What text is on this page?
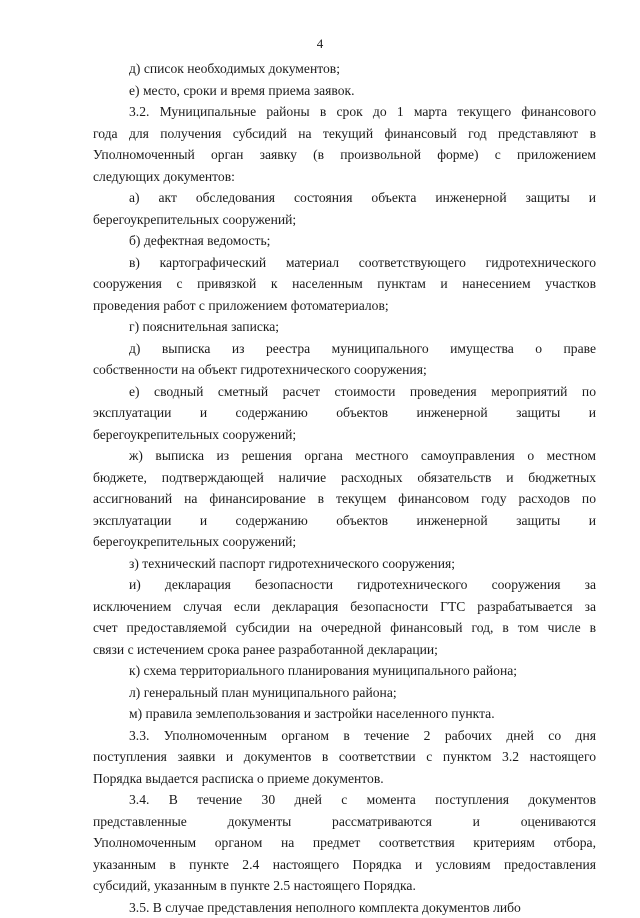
4
д) список необходимых документов;
е) место, сроки и время приема заявок.
3.2. Муниципальные районы в срок до 1 марта текущего финансового
года для получения субсидий на текущий финансовый год представляют в
Уполномоченный орган заявку (в произвольной форме) с приложением
следующих документов:
а) акт обследования состояния объекта инженерной защиты и
берегоукрепительных сооружений;
б) дефектная ведомость;
в) картографический материал соответствующего гидротехнического
сооружения с привязкой к населенным пунктам и нанесением участков
проведения работ с приложением фотоматериалов;
г) пояснительная записка;
д) выписка из реестра муниципального имущества о праве
собственности на объект гидротехнического сооружения;
е) сводный сметный расчет стоимости проведения мероприятий по
эксплуатации и содержанию объектов инженерной защиты и
берегоукрепительных сооружений;
ж) выписка из решения органа местного самоуправления о местном
бюджете, подтверждающей наличие расходных обязательств и бюджетных
ассигнований на финансирование в текущем финансовом году расходов по
эксплуатации и содержанию объектов инженерной защиты и
берегоукрепительных сооружений;
з) технический паспорт гидротехнического сооружения;
и) декларация безопасности гидротехнического сооружения за
исключением случая если декларация безопасности ГТС разрабатывается за
счет предоставляемой субсидии на очередной финансовый год, в том числе в
связи с истечением срока ранее разработанной декларации;
к) схема территориального планирования муниципального района;
л) генеральный план муниципального района;
м) правила землепользования и застройки населенного пункта.
3.3. Уполномоченным органом в течение 2 рабочих дней со дня
поступления заявки и документов в соответствии с пунктом 3.2 настоящего
Порядка выдается расписка о приеме документов.
3.4. В течение 30 дней с момента поступления документов
представленные документы рассматриваются и оцениваются
Уполномоченным органом на предмет соответствия критериям отбора,
указанным в пункте 2.4 настоящего Порядка и условиям предоставления
субсидий, указанным в пункте 2.5 настоящего Порядка.
3.5. В случае представления неполного комплекта документов либо
